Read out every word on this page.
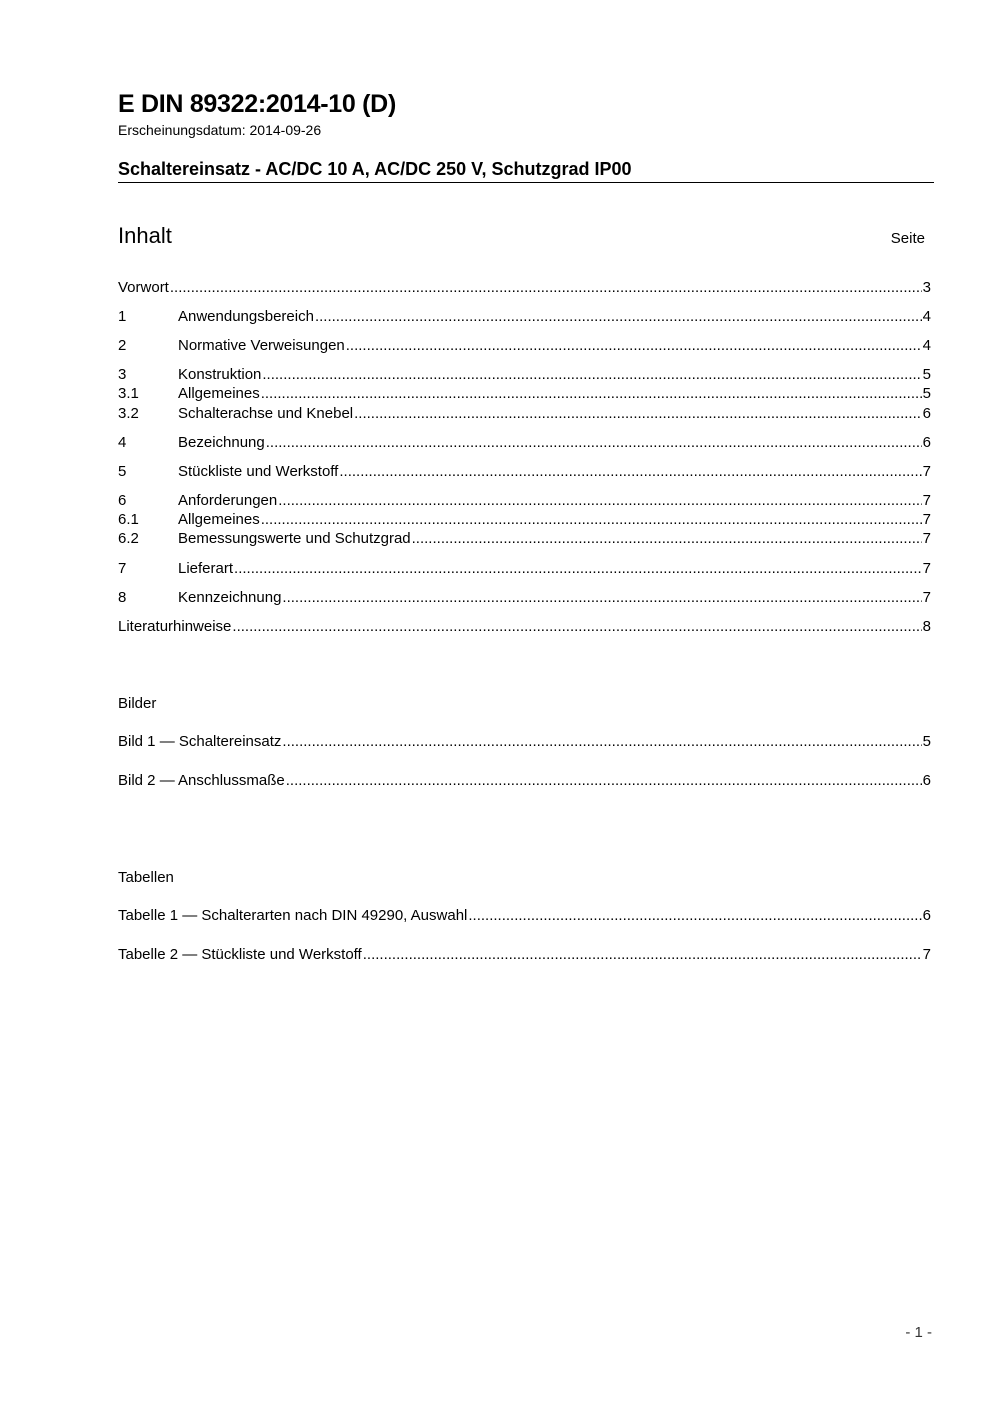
E DIN 89322:2014-10 (D)
Erscheinungsdatum: 2014-09-26
Schaltereinsatz - AC/DC 10 A, AC/DC 250 V, Schutzgrad IP00
Inhalt	Seite
Vorwort .....	3
1	Anwendungsbereich .....	4
2	Normative Verweisungen .....	4
3	Konstruktion .....	5
3.1	Allgemeines .....	5
3.2	Schalterachse und Knebel .....	6
4	Bezeichnung .....	6
5	Stückliste und Werkstoff .....	7
6	Anforderungen .....	7
6.1	Allgemeines .....	7
6.2	Bemessungswerte und Schutzgrad .....	7
7	Lieferart .....	7
8	Kennzeichnung .....	7
Literaturhinweise .....	8
Bilder
Bild 1 — Schaltereinsatz .....	5
Bild 2 — Anschlussmaße .....	6
Tabellen
Tabelle 1 — Schalterarten nach DIN 49290, Auswahl .....	6
Tabelle 2 — Stückliste und Werkstoff .....	7
- 1 -
